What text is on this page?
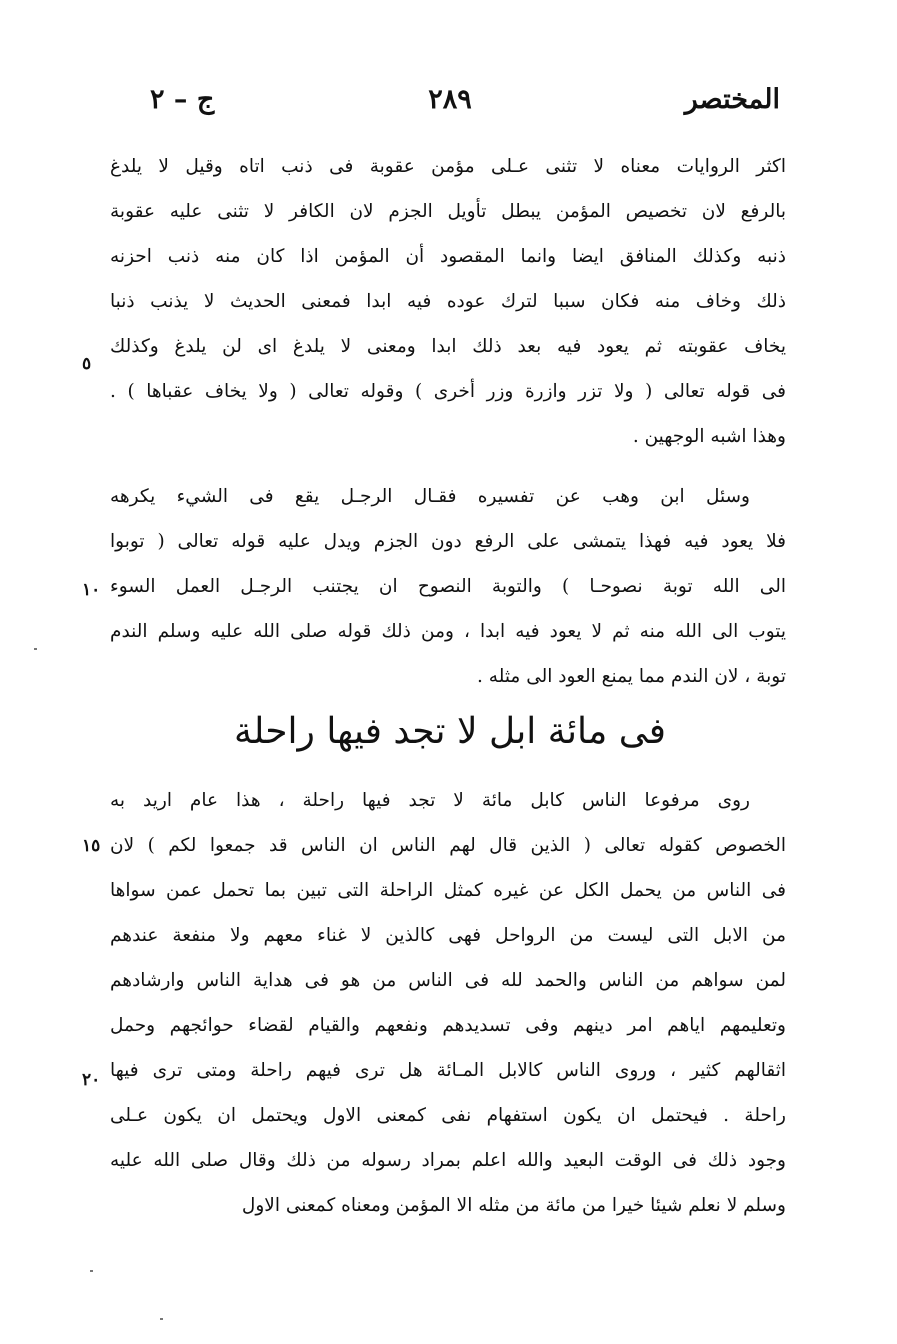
المختصر
٢٨٩
ج – ٢
اكثر الروايات معناه لا تثنى عـلى مؤمن عقوبة فى ذنب اتاه وقيل لا يلدغ
بالرفع لان تخصيص المؤمن يبطل تأويل الجزم لان الكافر لا تثنى عليه عقوبة
ذنبه وكذلك المنافق ايضا وانما المقصود أن المؤمن اذا كان منه ذنب احزنه
ذلك وخاف منه فكان سببا لترك عوده فيه ابدا فمعنى الحديث لا يذنب ذنبا
يخاف عقوبته ثم يعود فيه بعد ذلك ابدا ومعنى لا يلدغ اى لن يلدغ وكذلك
فى قوله تعالى ( ولا تزر وازرة وزر أخرى ) وقوله تعالى ( ولا يخاف عقباها ) .
وهذا اشبه الوجهين .
وسئل ابن وهب عن تفسيره فقـال الرجـل يقع فى الشيء يكرهه
فلا يعود فيه فهذا يتمشى على الرفع دون الجزم ويدل عليه قوله تعالى ( توبوا
الى الله توبة نصوحـا ) والتوبة النصوح ان يجتنب الرجـل العمل السوء
يتوب الى الله منه ثم لا يعود فيه ابدا ، ومن ذلك قوله صلى الله عليه وسلم الندم
توبة ، لان الندم مما يمنع العود الى مثله .
فى مائة ابل لا تجد فيها راحلة
روى مرفوعا الناس كابل مائة لا تجد فيها راحلة ، هذا عام اريد به
الخصوص كقوله تعالى ( الذين قال لهم الناس ان الناس قد جمعوا لكم ) لان
فى الناس من يحمل الكل عن غيره كمثل الراحلة التى تبين بما تحمل عمن سواها
من الابل التى ليست من الرواحل فهى كالذين لا غناء معهم ولا منفعة عندهم
لمن سواهم من الناس والحمد لله فى الناس من هو فى هداية الناس وارشادهم
وتعليمهم اياهم امر دينهم وفى تسديدهم ونفعهم والقيام لقضاء حوائجهم وحمل
اثقالهم كثير ، وروى الناس كالابل المـائة هل ترى فيهم راحلة ومتى ترى فيها
راحلة . فيحتمل ان يكون استفهام نفى كمعنى الاول ويحتمل ان يكون عـلى
وجود ذلك فى الوقت البعيد والله اعلم بمراد رسوله من ذلك وقال صلى الله عليه
وسلم لا نعلم شيئا خيرا من مائة من مثله الا المؤمن ومعناه كمعنى الاول
٥
١٠
١٥
٢٠
